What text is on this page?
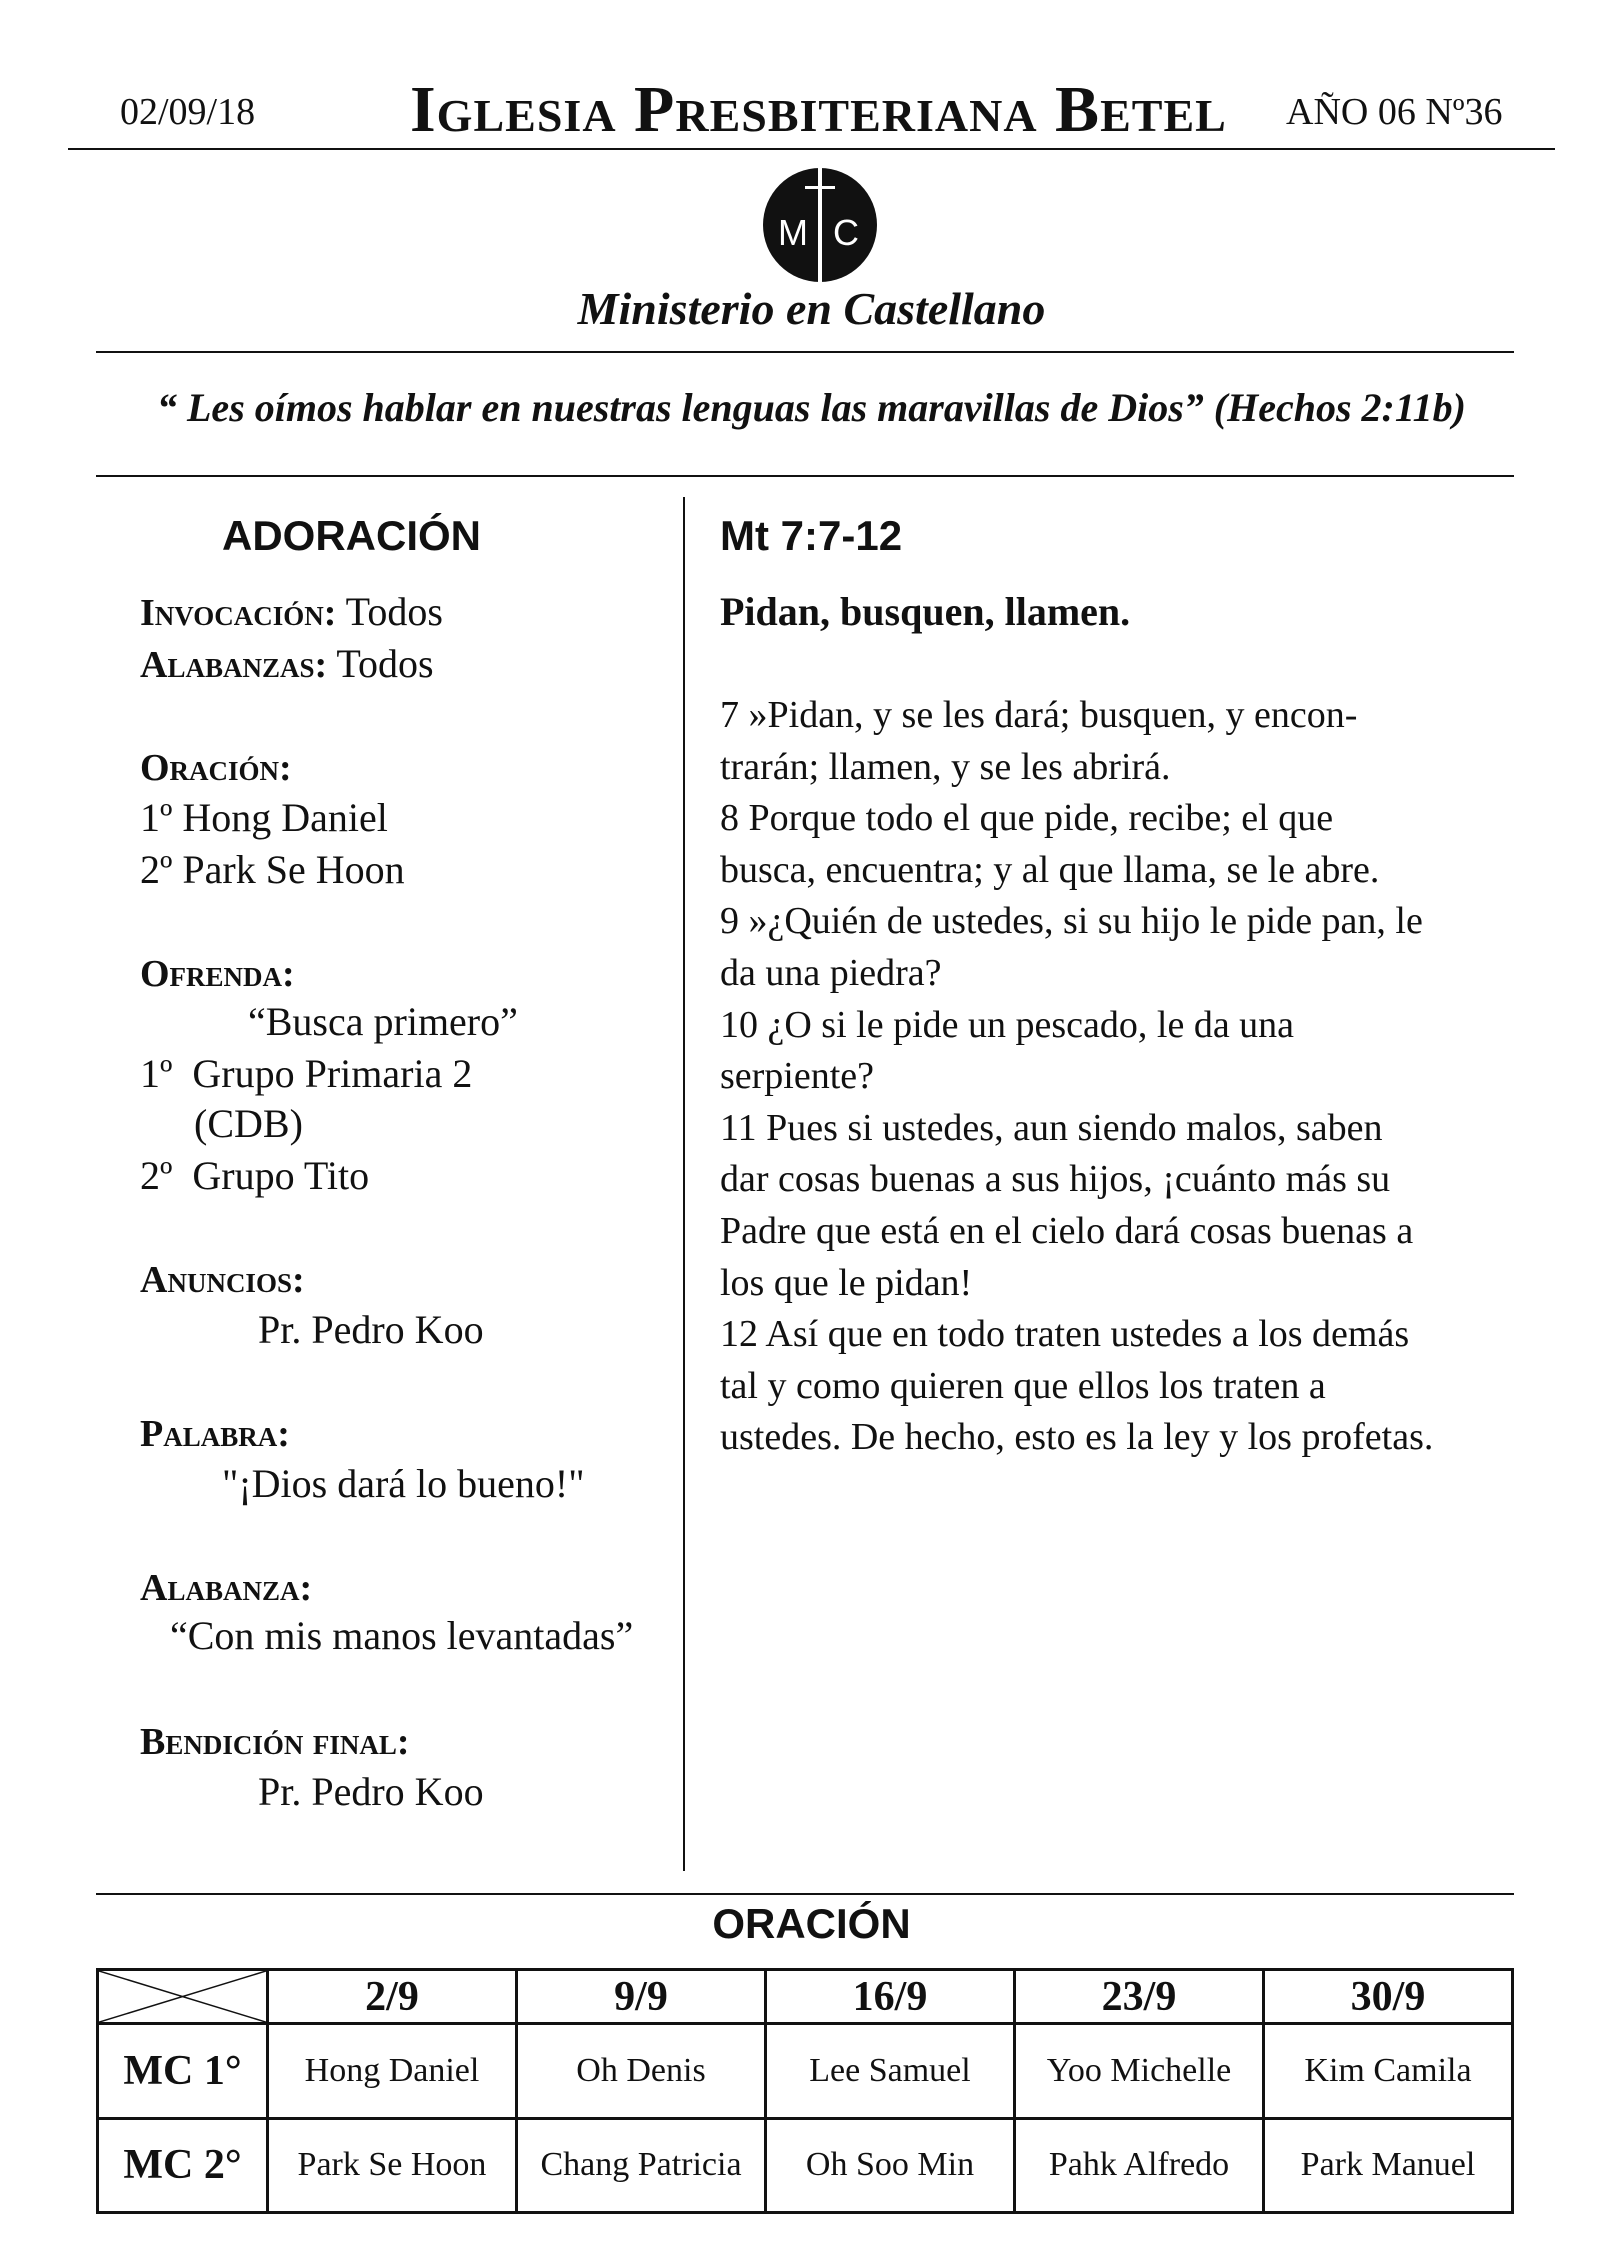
02/09/18 Iglesia Presbiteriana Betel AÑO 06 Nº36
M C
Ministerio en Castellano
“ Les oímos hablar en nuestras lenguas las maravillas de Dios” (Hechos 2:11b)
ADORACIÓN
Invocación: Todos
Alabanzas: Todos
Oración:
1º Hong Daniel
2º Park Se Hoon
Ofrenda:
“Busca primero”
1º  Grupo Primaria 2
(CDB)
2º  Grupo Tito
Anuncios:
Pr. Pedro Koo
Palabra:
"¡Dios dará lo bueno!"
Alabanza:
“Con mis manos levantadas”
Bendición final:
Pr. Pedro Koo
Mt 7:7-12
Pidan, busquen, llamen.
7 »Pidan, y se les dará; busquen, y encon-
trarán; llamen, y se les abrirá.
8 Porque todo el que pide, recibe; el que
busca, encuentra; y al que llama, se le abre.
9 »¿Quién de ustedes, si su hijo le pide pan, le
da una piedra?
10 ¿O si le pide un pescado, le da una
serpiente?
11 Pues si ustedes, aun siendo malos, saben
dar cosas buenas a sus hijos, ¡cuánto más su
Padre que está en el cielo dará cosas buenas a
los que le pidan!
12 Así que en todo traten ustedes a los demás
tal y como quieren que ellos los traten a
ustedes. De hecho, esto es la ley y los profetas.
ORACIÓN
	2/9	9/9	16/9	23/9	30/9
MC 1°	Hong Daniel	Oh Denis	Lee Samuel	Yoo Michelle	Kim Camila
MC 2°	Park Se Hoon	Chang Patricia	Oh Soo Min	Pahk Alfredo	Park Manuel
